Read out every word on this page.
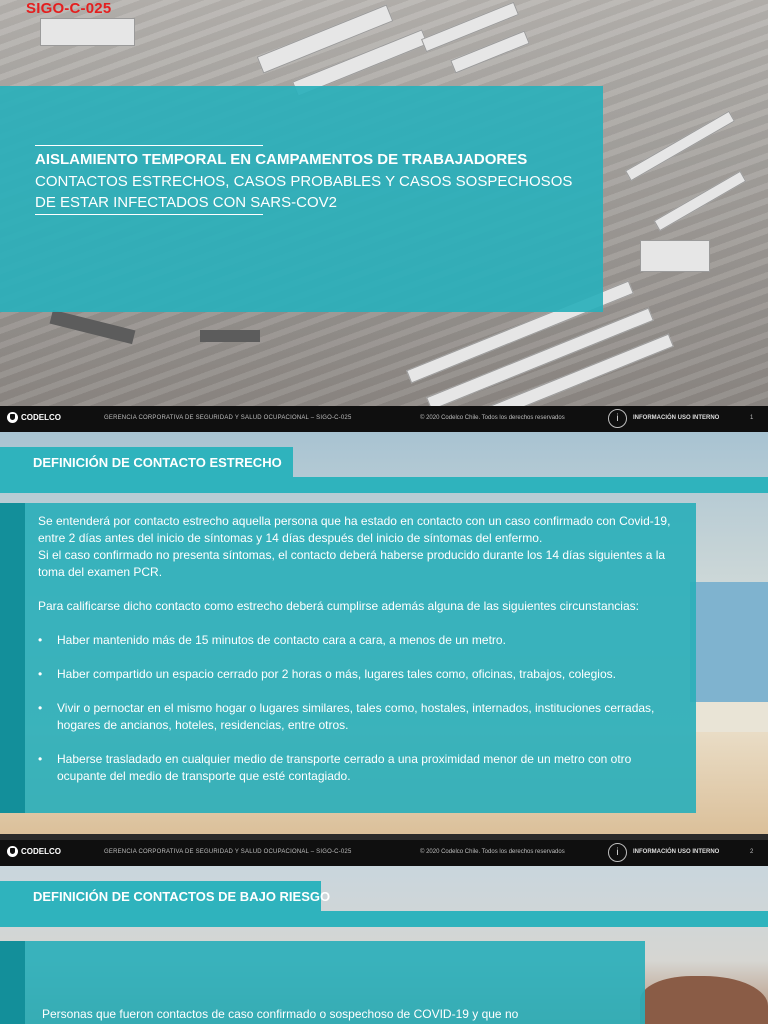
SIGO-C-025
AISLAMIENTO TEMPORAL EN CAMPAMENTOS DE TRABAJADORES
CONTACTOS ESTRECHOS, CASOS PROBABLES Y CASOS SOSPECHOSOS DE ESTAR INFECTADOS CON SARS-COV2
CODELCO	GERENCIA CORPORATIVA DE SEGURIDAD Y SALUD OCUPACIONAL – SIGO-C-025	© 2020 Codelco Chile. Todos los derechos reservados	i	INFORMACIÓN USO INTERNO	1
DEFINICIÓN DE CONTACTO ESTRECHO

Se entenderá por contacto estrecho aquella persona que ha estado en contacto con un caso confirmado con Covid-19, entre 2 días antes del inicio de síntomas y 14 días después del inicio de síntomas del enfermo.

Si el caso confirmado no presenta síntomas, el contacto deberá haberse producido durante los 14 días siguientes a la toma del examen PCR.

Para calificarse dicho contacto como estrecho deberá cumplirse además alguna de las siguientes circunstancias:

• Haber mantenido más de 15 minutos de contacto cara a cara, a menos de un metro.

• Haber compartido un espacio cerrado por 2 horas o más, lugares tales como, oficinas, trabajos, colegios.

• Vivir o pernoctar en el mismo hogar o lugares similares, tales como, hostales, internados, instituciones cerradas, hogares de ancianos, hoteles, residencias, entre otros.

• Haberse trasladado en cualquier medio de transporte cerrado a una proximidad menor de un metro con otro ocupante del medio de transporte que esté contagiado.

CODELCO	GERENCIA CORPORATIVA DE SEGURIDAD Y SALUD OCUPACIONAL – SIGO-C-025	© 2020 Codelco Chile. Todos los derechos reservados	i	INFORMACIÓN USO INTERNO	2
DEFINICIÓN DE CONTACTOS DE BAJO RIESGO
Personas que fueron contactos de caso confirmado o sospechoso de COVID-19 y que no
